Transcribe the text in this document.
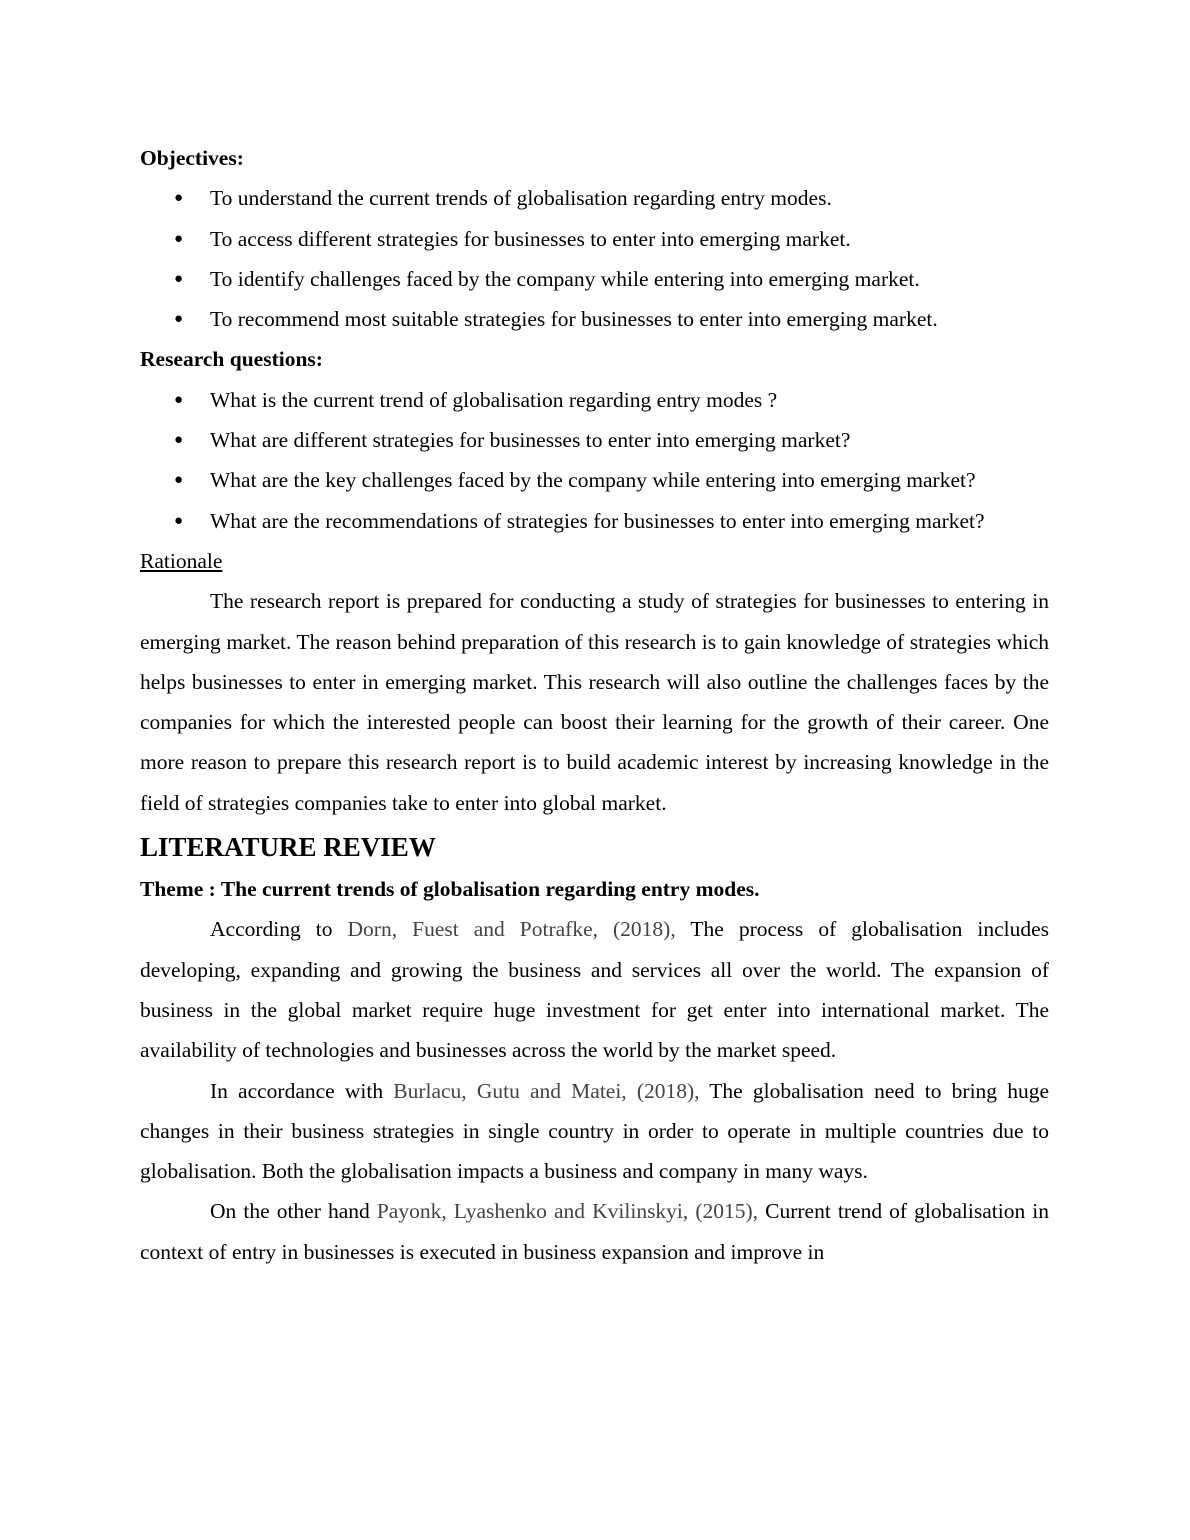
Objectives:
● To understand the current trends of globalisation regarding entry modes.
● To access different strategies for businesses to enter into emerging market.
● To identify challenges faced by the company while entering into emerging market.
● To recommend most suitable strategies for businesses to enter into emerging market.
Research questions:
● What is the current trend of globalisation regarding entry modes ?
● What are different strategies for businesses to enter into emerging market?
● What are the key challenges faced by the company while entering into emerging market?
● What are the recommendations of strategies for businesses to enter into emerging market?
Rationale

The research report is prepared for conducting a study of strategies for businesses to entering in emerging market. The reason behind preparation of this research is to gain knowledge of strategies which helps businesses to enter in emerging market. This research will also outline the challenges faces by the companies for which the interested people can boost their learning for the growth of their career. One more reason to prepare this research report is to build academic interest by increasing knowledge in the field of strategies companies take to enter into global market.

LITERATURE REVIEW

Theme : The current trends of globalisation regarding entry modes.

According to Dorn, Fuest and Potrafke, (2018), The process of globalisation includes developing, expanding and growing the business and services all over the world. The expansion of business in the global market require huge investment for get enter into international market. The availability of technologies and businesses across the world by the market speed.

In accordance with Burlacu, Gutu and Matei, (2018), The globalisation need to bring huge changes in their business strategies in single country in order to operate in multiple countries due to globalisation. Both the globalisation impacts a business and company in many ways.

On the other hand Payonk, Lyashenko and Kvilinskyi, (2015), Current trend of globalisation in context of entry in businesses is executed in business expansion and improve in
